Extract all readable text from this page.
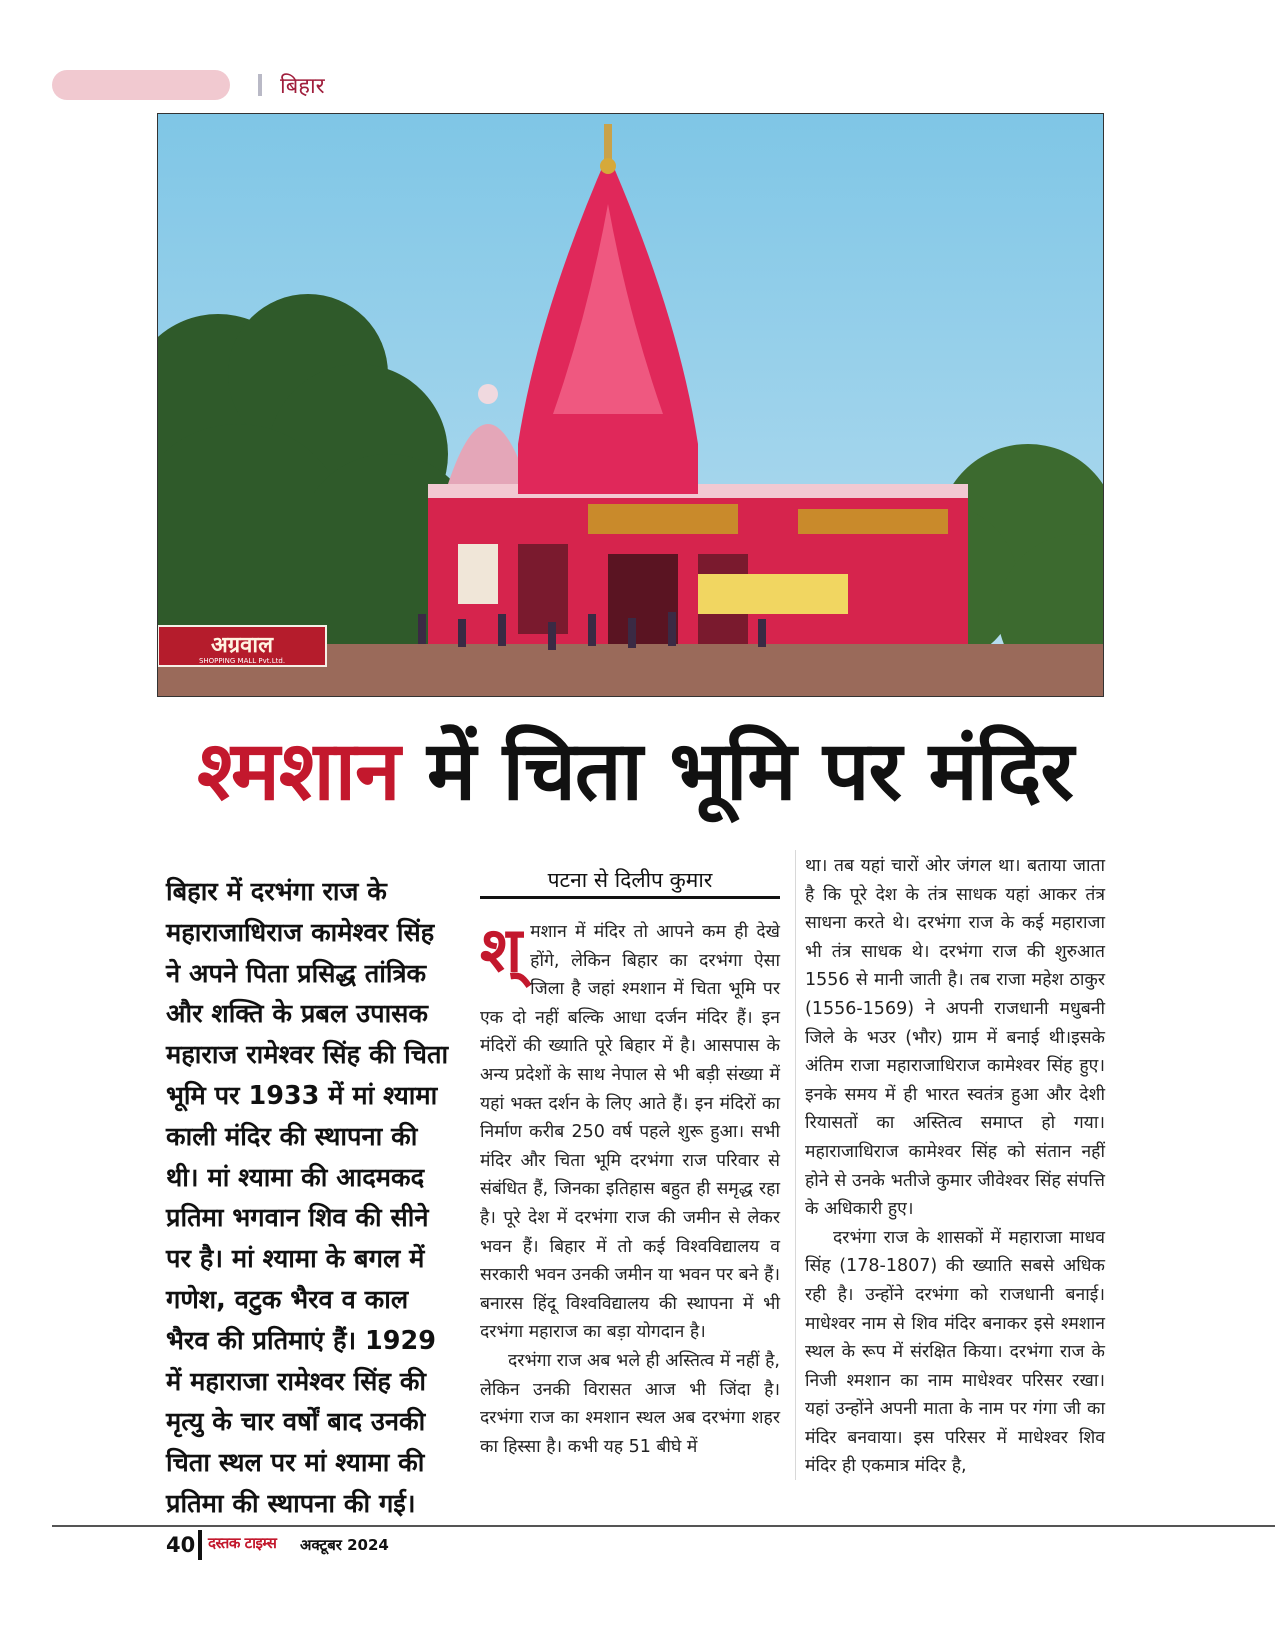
बिहार
अग्रवाल
SHOPPING MALL Pvt.Ltd.
श्मशान में चिता भूमि पर मंदिर
बिहार में दरभंगा राज के महाराजाधिराज कामेश्वर सिंह ने अपने पिता प्रसिद्ध तांत्रिक और शक्ति के प्रबल उपासक महाराज रामेश्वर सिंह की चिता भूमि पर 1933 में मां श्यामा काली मंदिर की स्थापना की थी। मां श्यामा की आदमकद प्रतिमा भगवान शिव की सीने पर है। मां श्यामा के बगल में गणेश, वटुक भैरव व काल भैरव की प्रतिमाएं हैं। 1929 में महाराजा रामेश्वर सिंह की मृत्यु के चार वर्षों बाद उनकी चिता स्थल पर मां श्यामा की प्रतिमा की स्थापना की गई।
पटना से दिलीप कुमार

श्मशान में मंदिर तो आपने कम ही देखे होंगे, लेकिन बिहार का दरभंगा ऐसा जिला है जहां श्मशान में चिता भूमि पर एक दो नहीं बल्कि आधा दर्जन मंदिर हैं। इन मंदिरों की ख्याति पूरे बिहार में है। आसपास के अन्य प्रदेशों के साथ नेपाल से भी बड़ी संख्या में यहां भक्त दर्शन के लिए आते हैं। इन मंदिरों का निर्माण करीब 250 वर्ष पहले शुरू हुआ। सभी मंदिर और चिता भूमि दरभंगा राज परिवार से संबंधित हैं, जिनका इतिहास बहुत ही समृद्ध रहा है। पूरे देश में दरभंगा राज की जमीन से लेकर भवन हैं। बिहार में तो कई विश्वविद्यालय व सरकारी भवन उनकी जमीन या भवन पर बने हैं। बनारस हिंदू विश्वविद्यालय की स्थापना में भी दरभंगा महाराज का बड़ा योगदान है।

दरभंगा राज अब भले ही अस्तित्व में नहीं है, लेकिन उनकी विरासत आज भी जिंदा है। दरभंगा राज का श्मशान स्थल अब दरभंगा शहर का हिस्सा है। कभी यह 51 बीघे में

था। तब यहां चारों ओर जंगल था। बताया जाता है कि पूरे देश के तंत्र साधक यहां आकर तंत्र साधना करते थे। दरभंगा राज के कई महाराजा भी तंत्र साधक थे। दरभंगा राज की शुरुआत 1556 से मानी जाती है। तब राजा महेश ठाकुर (1556-1569) ने अपनी राजधानी मधुबनी जिले के भउर (भौर) ग्राम में बनाई थी।इसके अंतिम राजा महाराजाधिराज कामेश्वर सिंह हुए। इनके समय में ही भारत स्वतंत्र हुआ और देशी रियासतों का अस्तित्व समाप्त हो गया। महाराजाधिराज कामेश्वर सिंह को संतान नहीं होने से उनके भतीजे कुमार जीवेश्वर सिंह संपत्ति के अधिकारी हुए।

दरभंगा राज के शासकों में महाराजा माधव सिंह (178-1807) की ख्याति सबसे अधिक रही है। उन्होंने दरभंगा को राजधानी बनाई। माधेश्वर नाम से शिव मंदिर बनाकर इसे श्मशान स्थल के रूप में संरक्षित किया। दरभंगा राज के निजी श्मशान का नाम माधेश्वर परिसर रखा। यहां उन्होंने अपनी माता के नाम पर गंगा जी का मंदिर बनवाया। इस परिसर में माधेश्वर शिव मंदिर ही एकमात्र मंदिर है,

40 दस्तक टाइम्स अक्टूबर 2024
